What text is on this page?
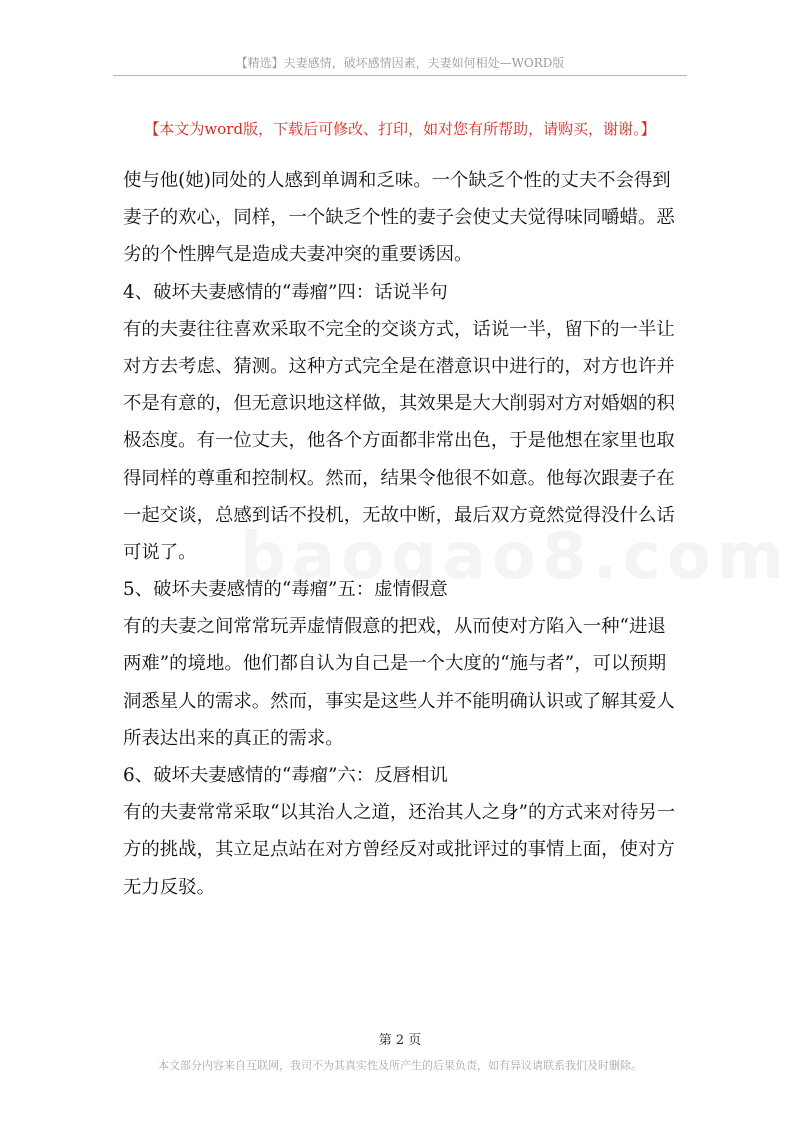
【精选】夫妻感情，破坏感情因素，夫妻如何相处—WORD版
【本文为word版，下载后可修改、打印，如对您有所帮助，请购买，谢谢。】
使与他(她)同处的人感到单调和乏味。一个缺乏个性的丈夫不会得到
妻子的欢心，同样，一个缺乏个性的妻子会使丈夫觉得味同嚼蜡。恶
劣的个性脾气是造成夫妻冲突的重要诱因。
4、破坏夫妻感情的“毒瘤”四：话说半句
有的夫妻往往喜欢采取不完全的交谈方式，话说一半，留下的一半让
对方去考虑、猜测。这种方式完全是在潜意识中进行的，对方也许并
不是有意的，但无意识地这样做，其效果是大大削弱对方对婚姻的积
极态度。有一位丈夫，他各个方面都非常出色，于是他想在家里也取
得同样的尊重和控制权。然而，结果令他很不如意。他每次跟妻子在
一起交谈，总感到话不投机，无故中断，最后双方竟然觉得没什么话
可说了。
5、破坏夫妻感情的“毒瘤”五：虚情假意
有的夫妻之间常常玩弄虚情假意的把戏，从而使对方陷入一种“进退
两难”的境地。他们都自认为自己是一个大度的“施与者”，可以预期
洞悉星人的需求。然而，事实是这些人并不能明确认识或了解其爱人
所表达出来的真正的需求。
6、破坏夫妻感情的“毒瘤”六：反唇相讥
有的夫妻常常采取“以其治人之道，还治其人之身”的方式来对待另一
方的挑战，其立足点站在对方曾经反对或批评过的事情上面，使对方
无力反驳。
第 2 页
本文部分内容来自互联网，我司不为其真实性及所产生的后果负责，如有异议请联系我们及时删除。
